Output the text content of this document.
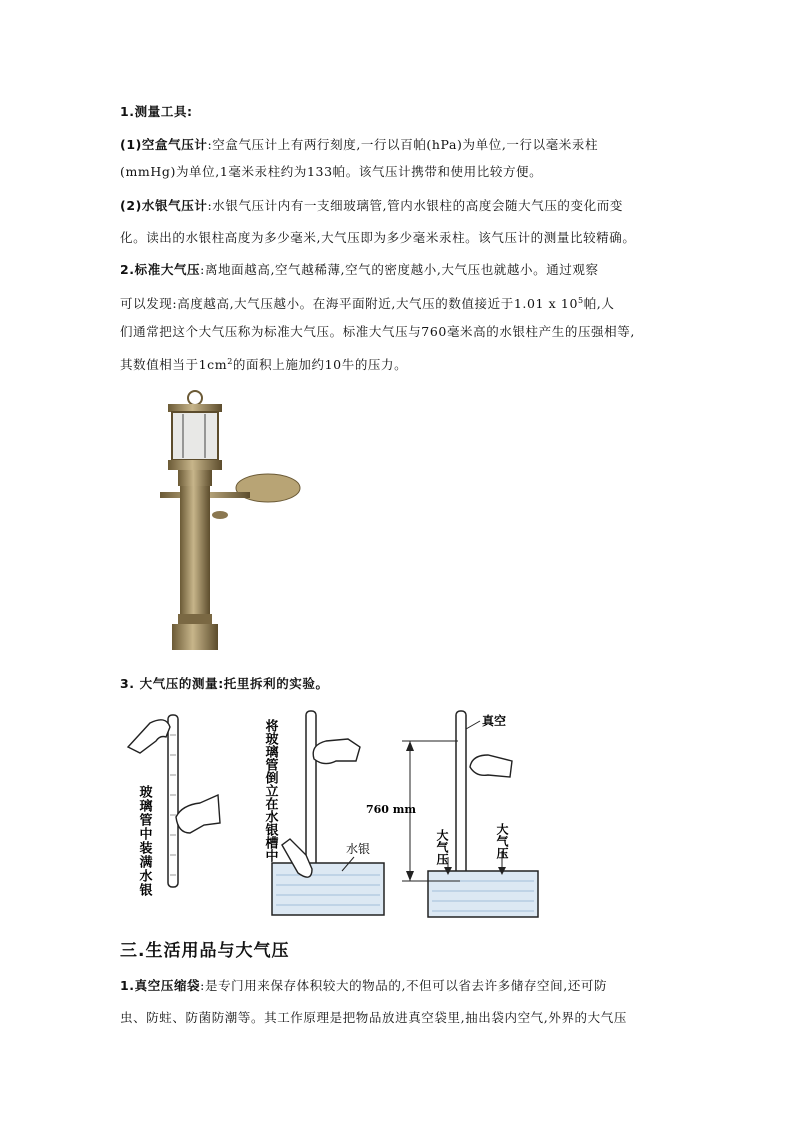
1.测量工具:
(1)空盒气压计:空盒气压计上有两行刻度,一行以百帕(hPa)为单位,一行以毫米汞柱
(mmHg)为单位,1毫米汞柱约为133帕。该气压计携带和使用比较方便。
(2)水银气压计:水银气压计内有一支细玻璃管,管内水银柱的高度会随大气压的变化而变
化。读出的水银柱高度为多少毫米,大气压即为多少毫米汞柱。该气压计的测量比较精确。
2.标准大气压:离地面越高,空气越稀薄,空气的密度越小,大气压也就越小。通过观察
可以发现:高度越高,大气压越小。在海平面附近,大气压的数值接近于1.01 x $10^5$帕,人
们通常把这个大气压称为标准大气压。标准大气压与760毫米高的水银柱产生的压强相等,
其数值相当于$1cm^2$的面积上施加约10牛的压力。
3. 大气压的测量:托里拆利的实验。
玻璃管中装满水银	将玻璃管倒立在水银槽中	水银
真空
760 mm
大气压	大气压
三.生活用品与大气压
1.真空压缩袋:是专门用来保存体积较大的物品的,不但可以省去许多储存空间,还可防
虫、防蛀、防菌防潮等。其工作原理是把物品放进真空袋里,抽出袋内空气,外界的大气压
